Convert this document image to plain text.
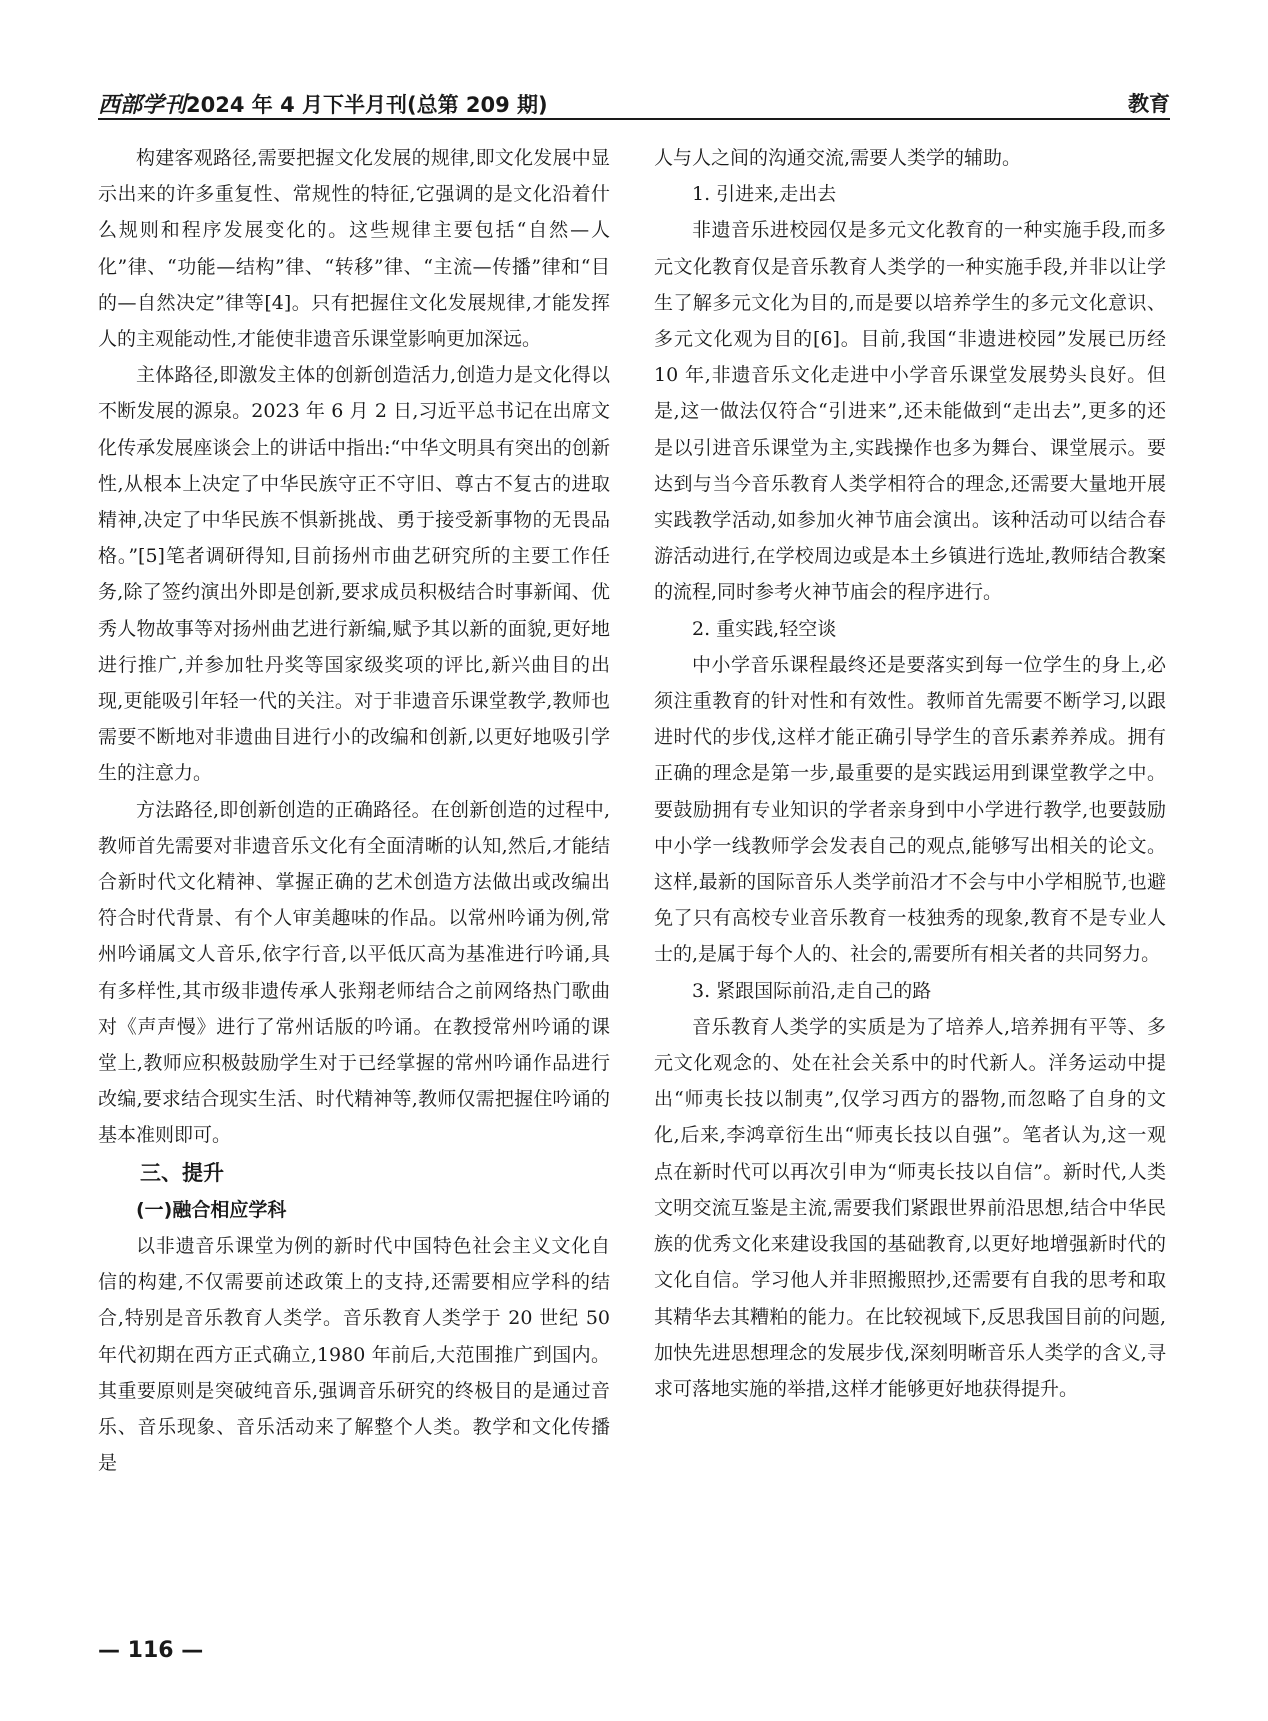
西部学刊2024 年 4 月下半月刊(总第 209 期)	教育

构建客观路径,需要把握文化发展的规律,即文化发展中显示出来的许多重复性、常规性的特征,它强调的是文化沿着什么规则和程序发展变化的。这些规律主要包括“自然—人化”律、“功能—结构”律、“转移”律、“主流—传播”律和“目的—自然决定”律等[4]。只有把握住文化发展规律,才能发挥人的主观能动性,才能使非遗音乐课堂影响更加深远。

主体路径,即激发主体的创新创造活力,创造力是文化得以不断发展的源泉。2023 年 6 月 2 日,习近平总书记在出席文化传承发展座谈会上的讲话中指出:“中华文明具有突出的创新性,从根本上决定了中华民族守正不守旧、尊古不复古的进取精神,决定了中华民族不惧新挑战、勇于接受新事物的无畏品格。”[5]笔者调研得知,目前扬州市曲艺研究所的主要工作任务,除了签约演出外即是创新,要求成员积极结合时事新闻、优秀人物故事等对扬州曲艺进行新编,赋予其以新的面貌,更好地进行推广,并参加牡丹奖等国家级奖项的评比,新兴曲目的出现,更能吸引年轻一代的关注。对于非遗音乐课堂教学,教师也需要不断地对非遗曲目进行小的改编和创新,以更好地吸引学生的注意力。

方法路径,即创新创造的正确路径。在创新创造的过程中,教师首先需要对非遗音乐文化有全面清晰的认知,然后,才能结合新时代文化精神、掌握正确的艺术创造方法做出或改编出符合时代背景、有个人审美趣味的作品。以常州吟诵为例,常州吟诵属文人音乐,依字行音,以平低仄高为基准进行吟诵,具有多样性,其市级非遗传承人张翔老师结合之前网络热门歌曲对《声声慢》进行了常州话版的吟诵。在教授常州吟诵的课堂上,教师应积极鼓励学生对于已经掌握的常州吟诵作品进行改编,要求结合现实生活、时代精神等,教师仅需把握住吟诵的基本准则即可。

三、提升
(一)融合相应学科

以非遗音乐课堂为例的新时代中国特色社会主义文化自信的构建,不仅需要前述政策上的支持,还需要相应学科的结合,特别是音乐教育人类学。音乐教育人类学于 20 世纪 50 年代初期在西方正式确立,1980 年前后,大范围推广到国内。其重要原则是突破纯音乐,强调音乐研究的终极目的是通过音乐、音乐现象、音乐活动来了解整个人类。教学和文化传播是

人与人之间的沟通交流,需要人类学的辅助。

1. 引进来,走出去

非遗音乐进校园仅是多元文化教育的一种实施手段,而多元文化教育仅是音乐教育人类学的一种实施手段,并非以让学生了解多元文化为目的,而是要以培养学生的多元文化意识、多元文化观为目的[6]。目前,我国“非遗进校园”发展已历经 10 年,非遗音乐文化走进中小学音乐课堂发展势头良好。但是,这一做法仅符合“引进来”,还未能做到“走出去”,更多的还是以引进音乐课堂为主,实践操作也多为舞台、课堂展示。要达到与当今音乐教育人类学相符合的理念,还需要大量地开展实践教学活动,如参加火神节庙会演出。该种活动可以结合春游活动进行,在学校周边或是本土乡镇进行选址,教师结合教案的流程,同时参考火神节庙会的程序进行。

2. 重实践,轻空谈

中小学音乐课程最终还是要落实到每一位学生的身上,必须注重教育的针对性和有效性。教师首先需要不断学习,以跟进时代的步伐,这样才能正确引导学生的音乐素养养成。拥有正确的理念是第一步,最重要的是实践运用到课堂教学之中。要鼓励拥有专业知识的学者亲身到中小学进行教学,也要鼓励中小学一线教师学会发表自己的观点,能够写出相关的论文。这样,最新的国际音乐人类学前沿才不会与中小学相脱节,也避免了只有高校专业音乐教育一枝独秀的现象,教育不是专业人士的,是属于每个人的、社会的,需要所有相关者的共同努力。

3. 紧跟国际前沿,走自己的路

音乐教育人类学的实质是为了培养人,培养拥有平等、多元文化观念的、处在社会关系中的时代新人。洋务运动中提出“师夷长技以制夷”,仅学习西方的器物,而忽略了自身的文化,后来,李鸿章衍生出“师夷长技以自强”。笔者认为,这一观点在新时代可以再次引申为“师夷长技以自信”。新时代,人类文明交流互鉴是主流,需要我们紧跟世界前沿思想,结合中华民族的优秀文化来建设我国的基础教育,以更好地增强新时代的文化自信。学习他人并非照搬照抄,还需要有自我的思考和取其精华去其糟粕的能力。在比较视域下,反思我国目前的问题,加快先进思想理念的发展步伐,深刻明晰音乐人类学的含义,寻求可落地实施的举措,这样才能够更好地获得提升。

— 116 —
